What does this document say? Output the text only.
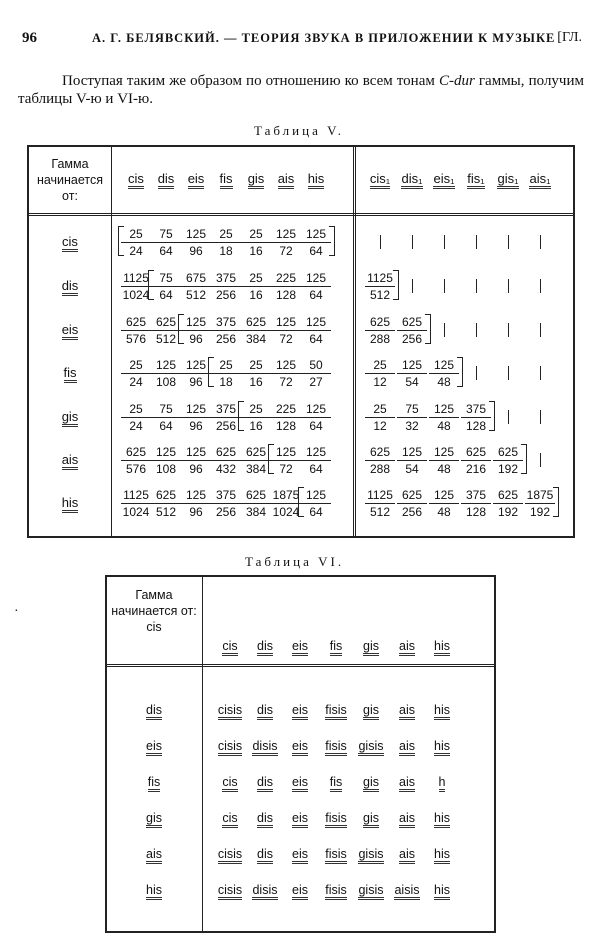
96	А. Г. БЕЛЯВСКИЙ. — ТЕОРИЯ ЗВУКА В ПРИЛОЖЕНИИ К МУЗЫКЕ [ГЛ.
Поступая таким же образом по отношению ко всем тонам C-dur гаммы, получим таблицы V-ю и VI-ю.
Таблица V.
Гамма начинается от:
cis	dis	eis	fis	gis	ais	his	cis₁ dis₁ eis₁ fis₁ gis₁ ais₁
cis	$\frac{25}{24} \frac{75}{64} \frac{125}{96} \frac{25}{18} \frac{25}{16} \frac{125}{72} \frac{125}{64}$
dis	$\frac{1125}{1024} \frac{75}{64} \frac{675}{512} \frac{375}{256} \frac{25}{16} \frac{225}{128} \frac{125}{64}$	$\frac{1125}{512}$
eis	$\frac{625}{576} \frac{625}{512} \frac{125}{96} \frac{375}{256} \frac{625}{384} \frac{125}{72} \frac{125}{64}$	$\frac{625}{288} \frac{625}{256}$
fis	$\frac{25}{24} \frac{125}{108} \frac{125}{96} \frac{25}{18} \frac{25}{16} \frac{125}{72} \frac{50}{27}$	$\frac{25}{12} \frac{125}{54} \frac{125}{48}$
gis	$\frac{25}{24} \frac{75}{64} \frac{125}{96} \frac{375}{256} \frac{25}{16} \frac{225}{128} \frac{125}{64}$	$\frac{25}{12} \frac{75}{32} \frac{125}{48} \frac{375}{128}$
ais	$\frac{625}{576} \frac{125}{108} \frac{125}{96} \frac{625}{432} \frac{625}{384} \frac{125}{72} \frac{125}{64}$	$\frac{625}{288} \frac{125}{54} \frac{125}{48} \frac{625}{216} \frac{625}{192}$
his	$\frac{1125}{1024} \frac{625}{512} \frac{125}{96} \frac{375}{256} \frac{625}{384} \frac{1875}{1024} \frac{125}{64}$	$\frac{1125}{512} \frac{625}{256} \frac{125}{48} \frac{375}{128} \frac{625}{192} \frac{1875}{192}$
Таблица VI.
Гамма начинается от:
cis
cis	dis	eis	fis	gis	ais	his
dis	cisis	dis	eis	fisis	gis	ais	his
eis	cisis disis	eis	fisis gisis	ais	his
fis	cis	dis	eis	fis	gis	ais	h
gis	cis	dis	eis	fisis	gis	ais	his
ais	cisis	dis	eis	fisis gisis	ais	his
his	cisis disis	eis	fisis gisis aisis	his
·
